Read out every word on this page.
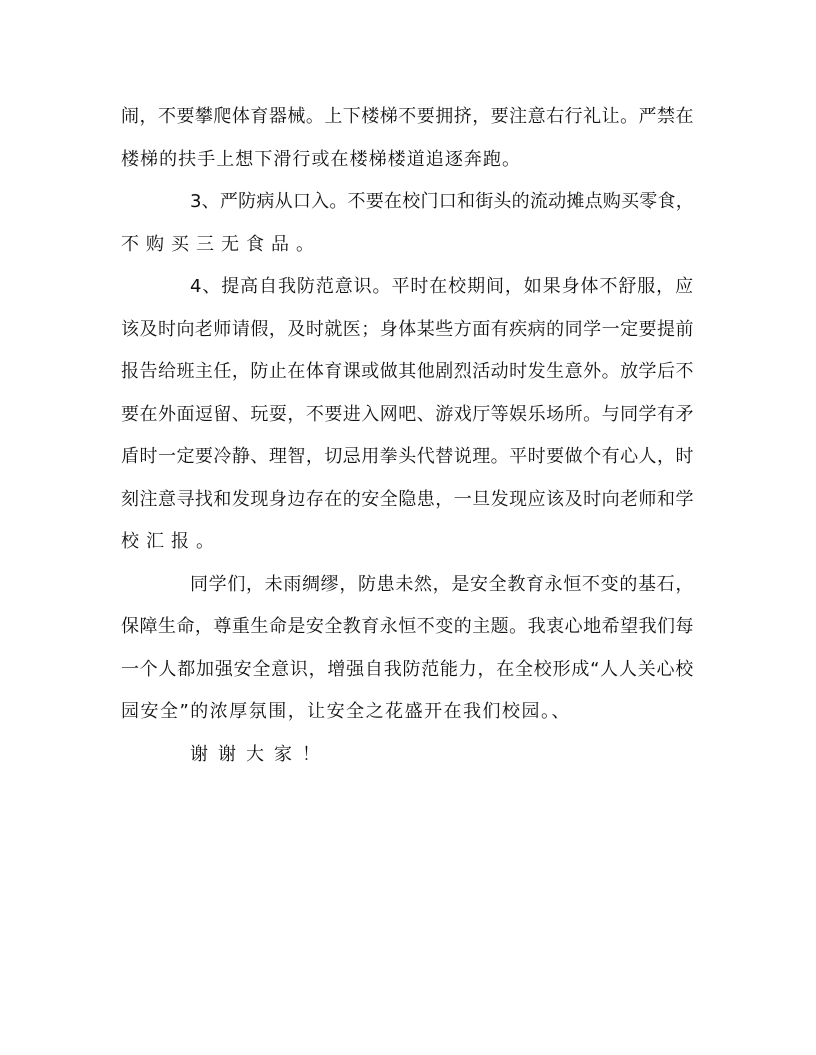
闹，不要攀爬体育器械。上下楼梯不要拥挤，要注意右行礼让。严禁在
楼梯的扶手上想下滑行或在楼梯楼道追逐奔跑。
3、严防病从口入。不要在校门口和街头的流动摊点购买零食，
不购买三无食品。
4、提高自我防范意识。平时在校期间，如果身体不舒服，应
该及时向老师请假，及时就医；身体某些方面有疾病的同学一定要提前
报告给班主任，防止在体育课或做其他剧烈活动时发生意外。放学后不
要在外面逗留、玩耍，不要进入网吧、游戏厅等娱乐场所。与同学有矛
盾时一定要冷静、理智，切忌用拳头代替说理。平时要做个有心人，时
刻注意寻找和发现身边存在的安全隐患，一旦发现应该及时向老师和学
校汇报。
同学们，未雨绸缪，防患未然，是安全教育永恒不变的基石，
保障生命，尊重生命是安全教育永恒不变的主题。我衷心地希望我们每
一个人都加强安全意识，增强自我防范能力，在全校形成“人人关心校
园安全”的浓厚氛围，让安全之花盛开在我们校园。、
谢谢大家！
